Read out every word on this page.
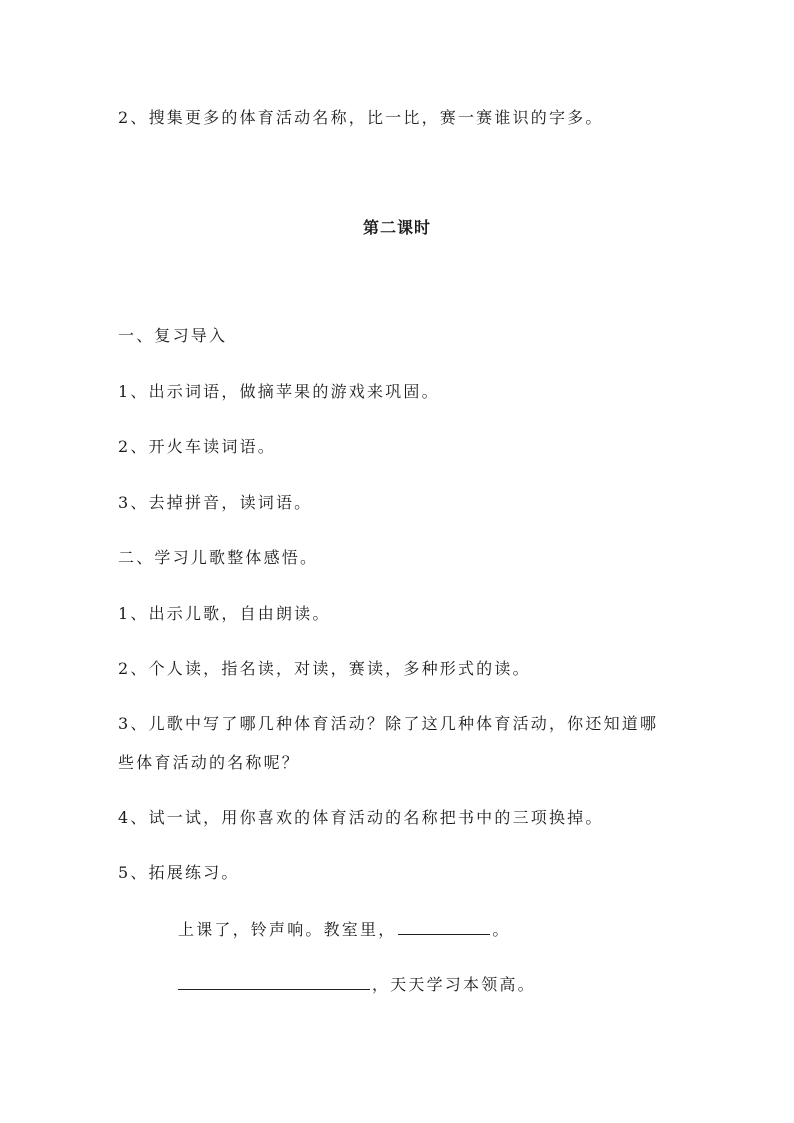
2、搜集更多的体育活动名称，比一比，赛一赛谁识的字多。
第二课时
一、复习导入
1、出示词语，做摘苹果的游戏来巩固。
2、开火车读词语。
3、去掉拼音，读词语。
二、学习儿歌整体感悟。
1、出示儿歌，自由朗读。
2、个人读，指名读，对读，赛读，多种形式的读。
3、儿歌中写了哪几种体育活动？除了这几种体育活动，你还知道哪
些体育活动的名称呢？
4、试一试，用你喜欢的体育活动的名称把书中的三项换掉。
5、拓展练习。
上课了，铃声响。教室里，	。
，天天学习本领高。
